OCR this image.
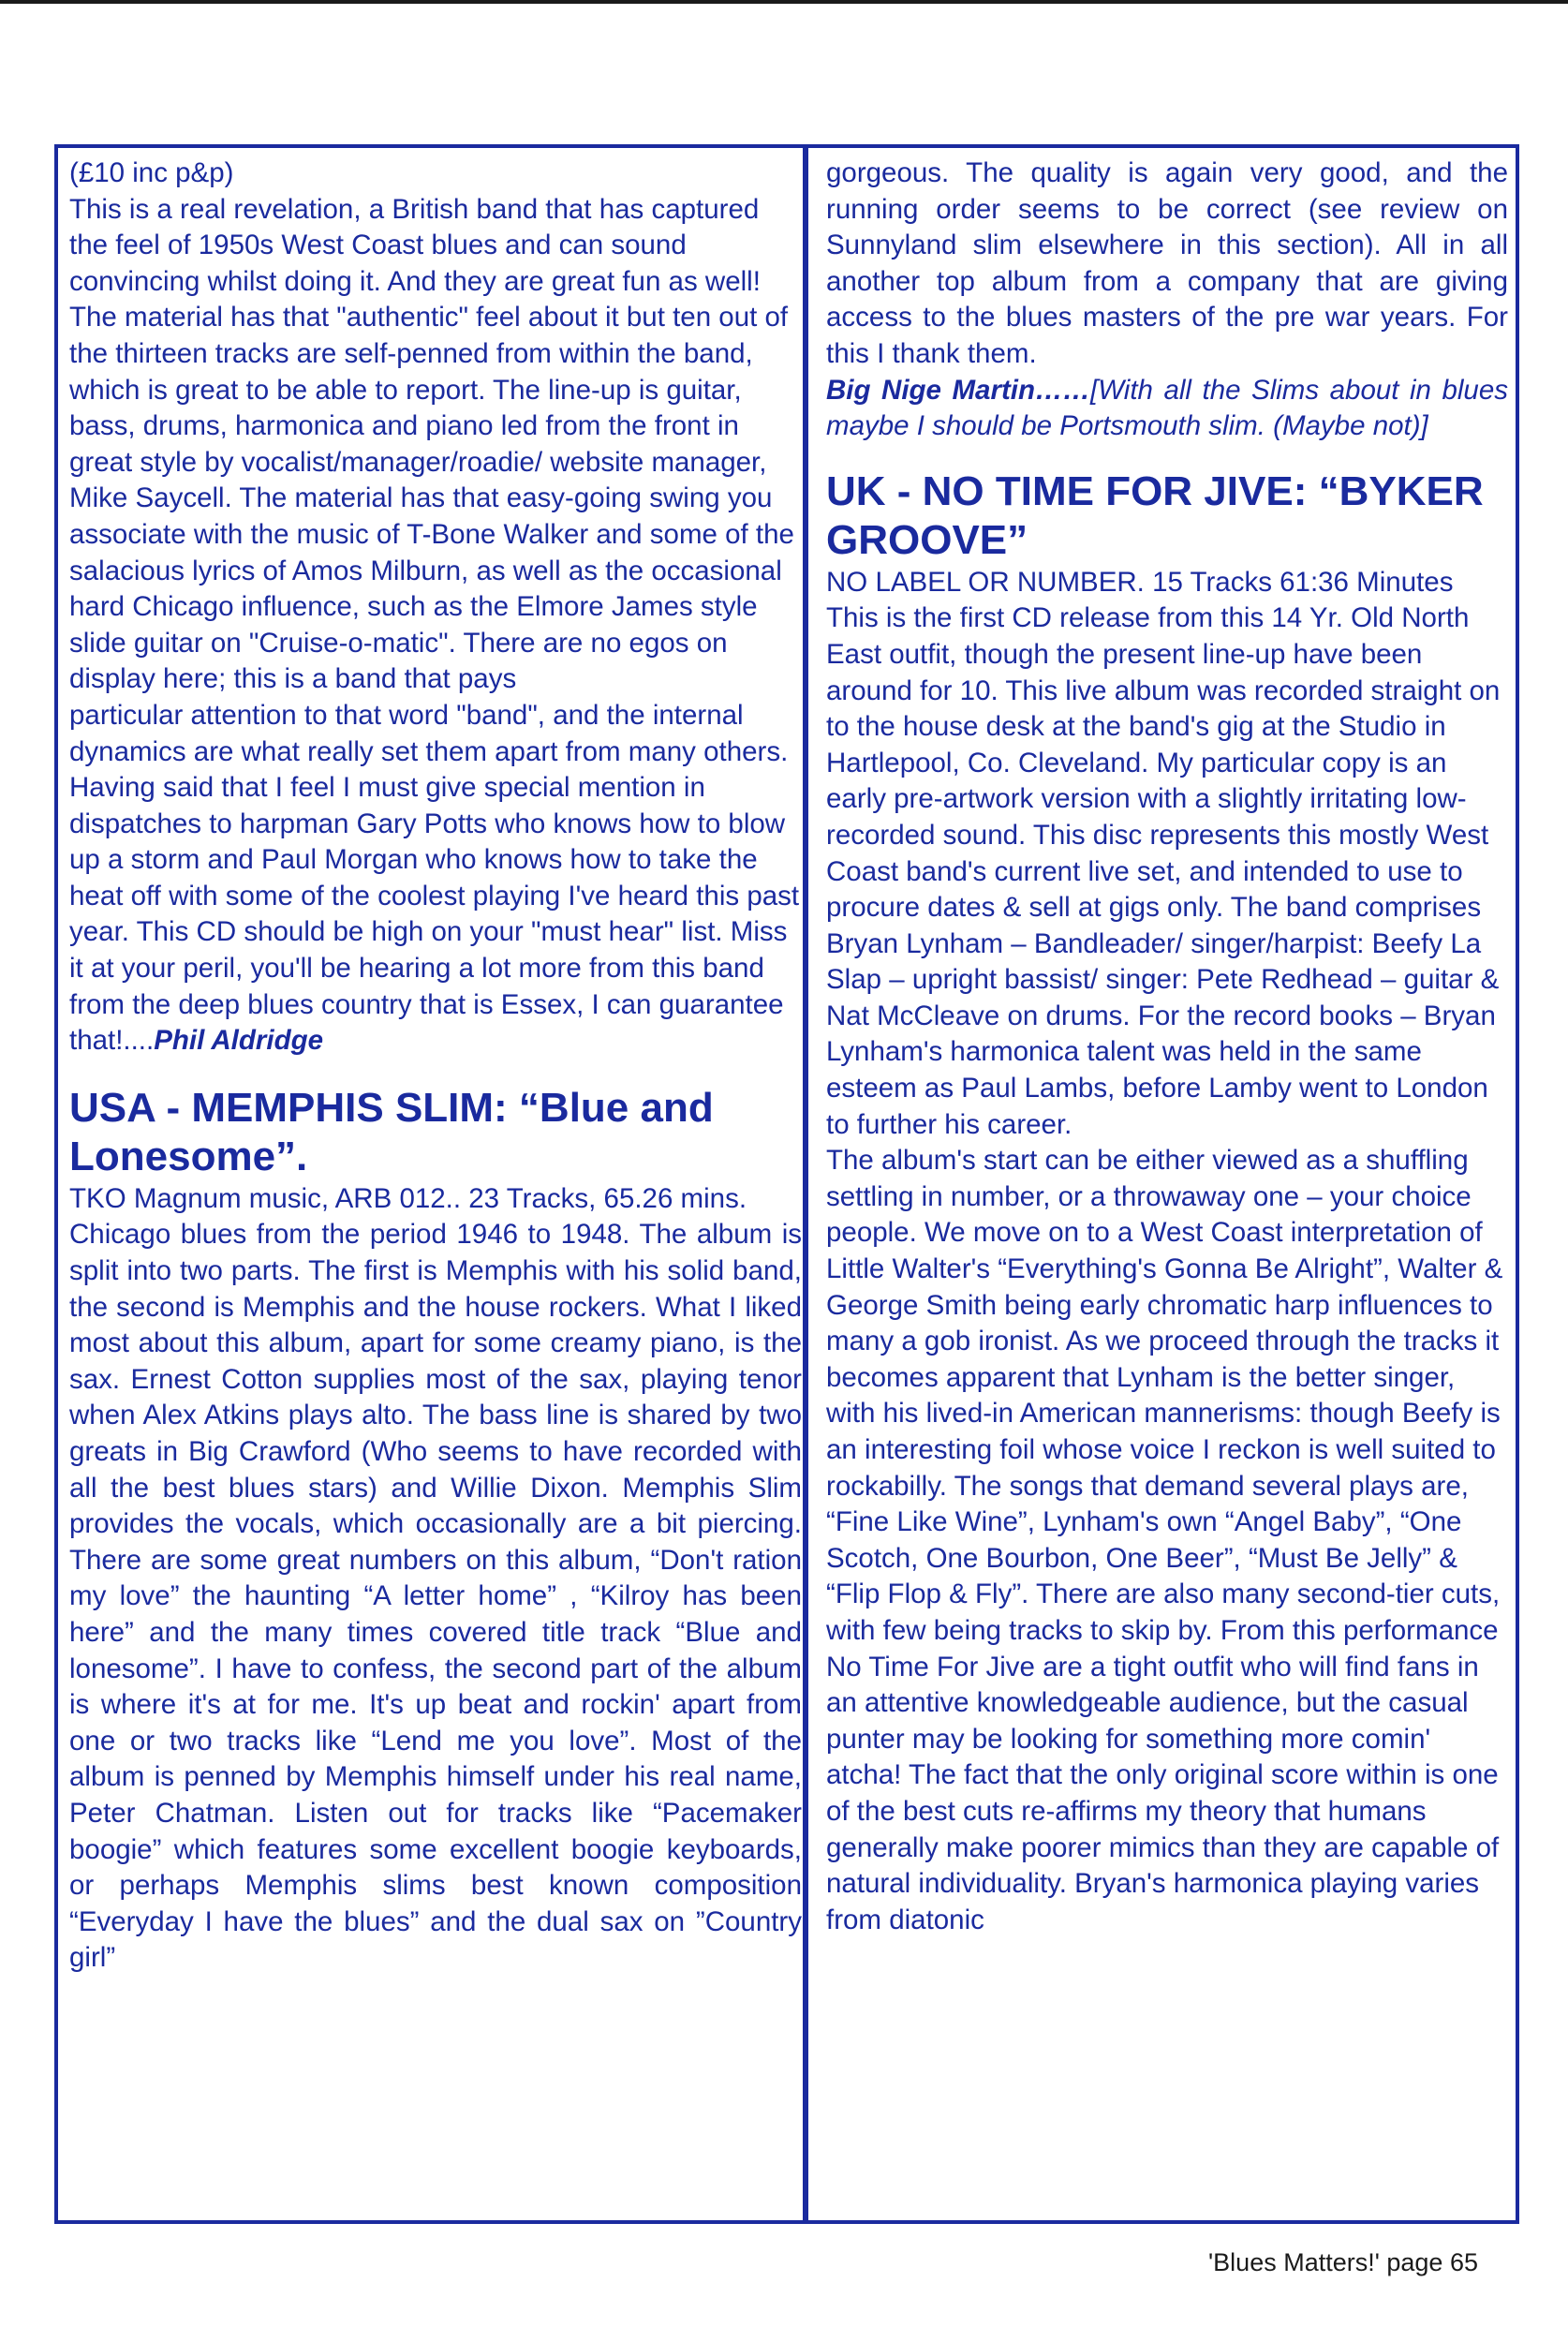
(£10 inc p&p)

This is a real revelation, a British band that has captured the feel of 1950s West Coast blues and can sound convincing whilst doing it. And they are great fun as well! The material has that "authentic" feel about it but ten out of the thirteen tracks are self-penned from within the band, which is great to be able to report. The line-up is guitar, bass, drums, harmonica and piano led from the front in great style by vocalist/manager/roadie/ website manager, Mike Saycell. The material has that easy-going swing you associate with the music of T-Bone Walker and some of the salacious lyrics of Amos Milburn, as well as the occasional hard Chicago influence, such as the Elmore James style slide guitar on "Cruise-o-matic". There are no egos on display here; this is a band that pays

particular attention to that word "band", and the internal dynamics are what really set them apart from many others. Having said that I feel I must give special mention in dispatches to harpman Gary Potts who knows how to blow up a storm and Paul Morgan who knows how to take the heat off with some of the coolest playing I've heard this past year. This CD should be high on your "must hear" list. Miss it at your peril, you'll be hearing a lot more from this band from the deep blues country that is Essex, I can guarantee that!....Phil Aldridge

USA - MEMPHIS SLIM: “Blue and Lonesome”.

TKO Magnum music, ARB 012.. 23 Tracks, 65.26 mins.

Chicago blues from the period 1946 to 1948. The album is split into two parts. The first is Memphis with his solid band, the second is Memphis and the house rockers. What I liked most about this album, apart for some creamy piano, is the sax. Ernest Cotton supplies most of the sax, playing tenor when Alex Atkins plays alto. The bass line is shared by two greats in Big Crawford (Who seems to have recorded with all the best blues stars) and Willie Dixon. Memphis Slim provides the vocals, which occasionally are a bit piercing. There are some great numbers on this album, “Don't ration my love” the haunting “A letter home” , “Kilroy has been here” and the many times covered title track “Blue and lonesome”. I have to confess, the second part of the album is where it's at for me. It's up beat and rockin' apart from one or two tracks like “Lend me you love”. Most of the album is penned by Memphis himself under his real name, Peter Chatman. Listen out for tracks like “Pacemaker boogie” which features some excellent boogie keyboards, or perhaps Memphis slims best known composition “Everyday I have the blues” and the dual sax on ”Country girl”

gorgeous. The quality is again very good, and the running order seems to be correct (see review on Sunnyland slim elsewhere in this section). All in all another top album from a company that are giving access to the blues masters of the pre war years. For this I thank them.

Big Nige Martin……[With all the Slims about in blues maybe I should be Portsmouth slim. (Maybe not)]

UK - NO TIME FOR JIVE: “BYKER GROOVE”

NO LABEL OR NUMBER. 15 Tracks 61:36 Minutes

This is the first CD release from this 14 Yr. Old North East outfit, though the present line-up have been around for 10. This live album was recorded straight on to the house desk at the band's gig at the Studio in Hartlepool, Co. Cleveland. My particular copy is an early pre-artwork version with a slightly irritating low-recorded sound. This disc represents this mostly West Coast band's current live set, and intended to use to procure dates & sell at gigs only. The band comprises Bryan Lynham – Bandleader/ singer/harpist: Beefy La Slap – upright bassist/ singer: Pete Redhead – guitar & Nat McCleave on drums. For the record books – Bryan Lynham's harmonica talent was held in the same esteem as Paul Lambs, before Lamby went to London to further his career.

The album's start can be either viewed as a shuffling settling in number, or a throwaway one – your choice people. We move on to a West Coast interpretation of Little Walter's “Everything's Gonna Be Alright”, Walter & George Smith being early chromatic harp influences to many a gob ironist. As we proceed through the tracks it becomes apparent that Lynham is the better singer, with his lived-in American mannerisms: though Beefy is an interesting foil whose voice I reckon is well suited to rockabilly. The songs that demand several plays are, “Fine Like Wine”, Lynham's own “Angel Baby”, “One Scotch, One Bourbon, One Beer”, “Must Be Jelly” & “Flip Flop & Fly”. There are also many second-tier cuts, with few being tracks to skip by. From this performance No Time For Jive are a tight outfit who will find fans in an attentive knowledgeable audience, but the casual punter may be looking for something more comin' atcha! The fact that the only original score within is one of the best cuts re-affirms my theory that humans generally make poorer mimics than they are capable of natural individuality. Bryan's harmonica playing varies from diatonic

'Blues Matters!' page 65
